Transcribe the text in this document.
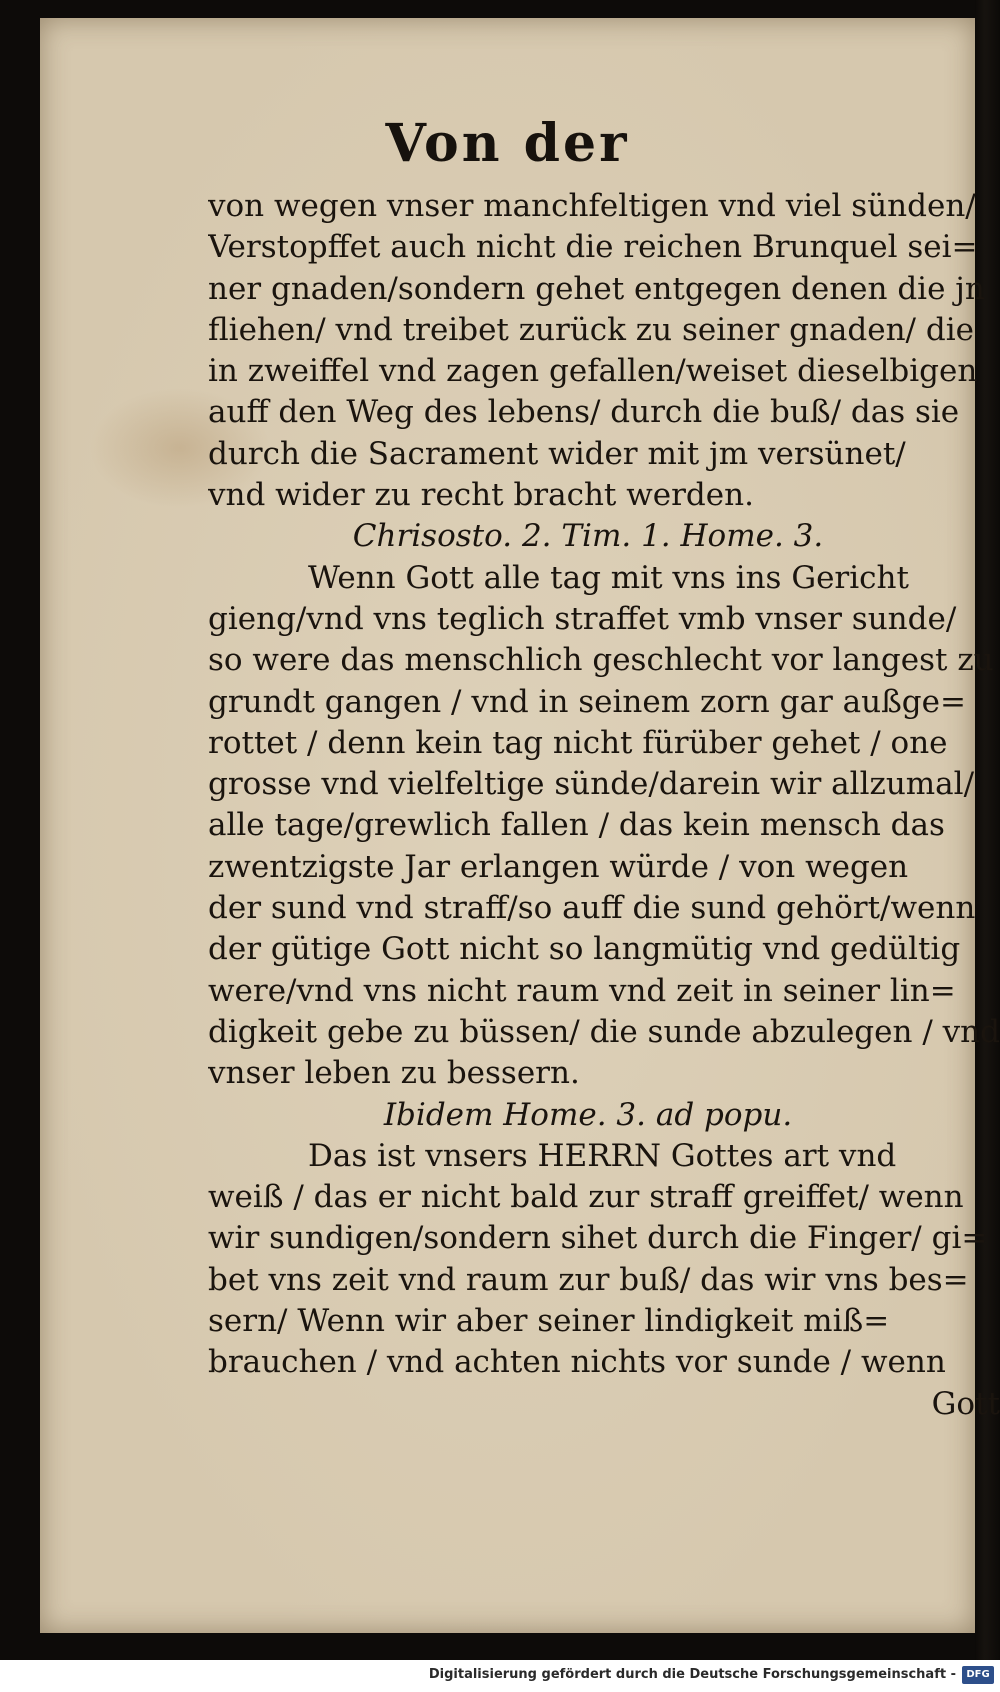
Von der
von wegen vnser manchfeltigen vnd viel sünden/
Verstopffet auch nicht die reichen Brunquel sei=
ner gnaden/sondern gehet entgegen denen die jn
fliehen/ vnd treibet zurück zu seiner gnaden/ die
in zweiffel vnd zagen gefallen/weiset dieselbigen
auff den Weg des lebens/ durch die buß/ das sie
durch die Sacrament wider mit jm versünet/
vnd wider zu recht bracht werden.
Chrisosto. 2. Tim. 1. Home. 3.
Wenn Gott alle tag mit vns ins Gericht
gieng/vnd vns teglich straffet vmb vnser sunde/
so were das menschlich geschlecht vor langest zu
grundt gangen / vnd in seinem zorn gar außge=
rottet / denn kein tag nicht fürüber gehet / one
grosse vnd vielfeltige sünde/darein wir allzumal/
alle tage/grewlich fallen / das kein mensch das
zwentzigste Jar erlangen würde / von wegen
der sund vnd straff/so auff die sund gehört/wenn
der gütige Gott nicht so langmütig vnd gedültig
were/vnd vns nicht raum vnd zeit in seiner lin=
digkeit gebe zu büssen/ die sunde abzulegen / vnd
vnser leben zu bessern.
Ibidem Home. 3. ad popu.
Das ist vnsers HERRN Gottes art vnd
weiß / das er nicht bald zur straff greiffet/ wenn
wir sundigen/sondern sihet durch die Finger/ gi=
bet vns zeit vnd raum zur buß/ das wir vns bes=
sern/ Wenn wir aber seiner lindigkeit miß=
brauchen / vnd achten nichts vor sunde / wenn
Gott
Digitalisierung gefördert durch die Deutsche Forschungsgemeinschaft -	DFG
